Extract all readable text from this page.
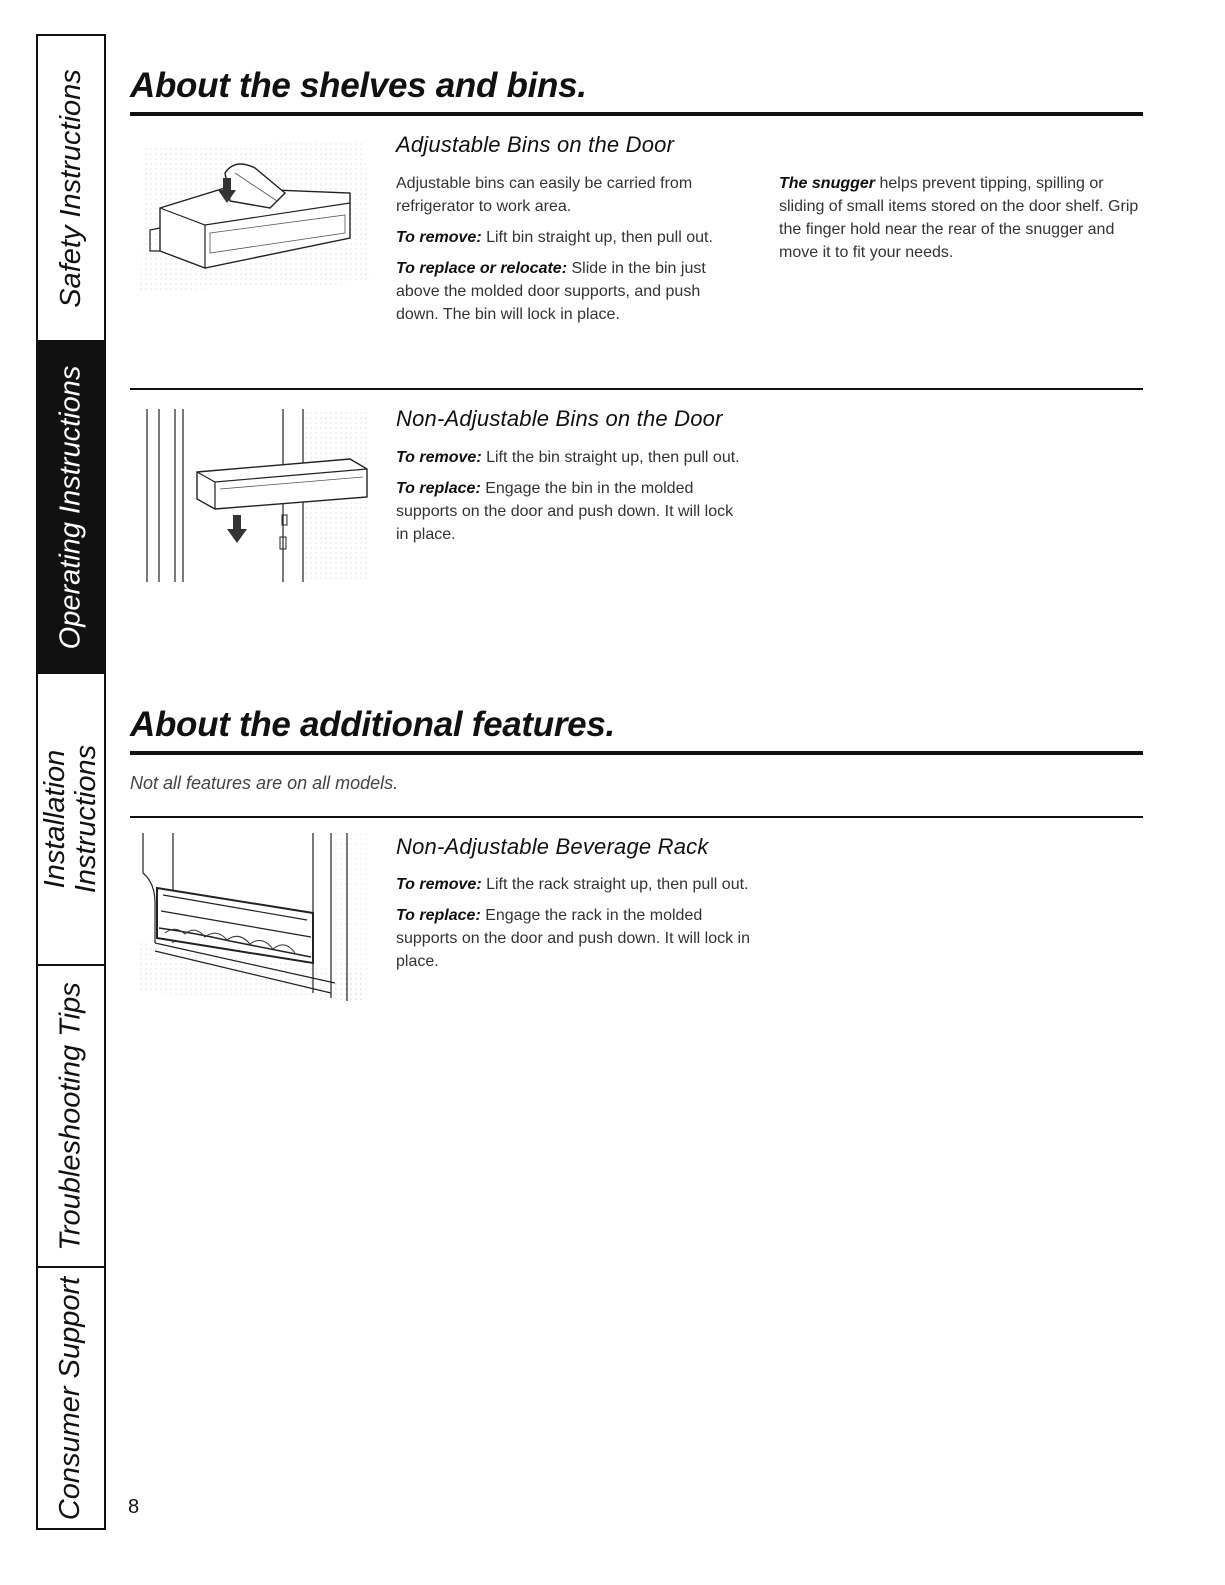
Safety Instructions
Operating Instructions
Installation Instructions
Troubleshooting Tips
Consumer Support
About the shelves and bins.
Adjustable Bins on the Door

Adjustable bins can easily be carried from refrigerator to work area.

To remove: Lift bin straight up, then pull out.

To replace or relocate: Slide in the bin just above the molded door supports, and push down. The bin will lock in place.

The snugger helps prevent tipping, spilling or sliding of small items stored on the door shelf. Grip the finger hold near the rear of the snugger and move it to fit your needs.

Non-Adjustable Bins on the Door

To remove: Lift the bin straight up, then pull out.

To replace: Engage the bin in the molded supports on the door and push down. It will lock in place.

About the additional features.

Not all features are on all models.

Non-Adjustable Beverage Rack

To remove: Lift the rack straight up, then pull out.

To replace: Engage the rack in the molded supports on the door and push down. It will lock in place.

8
